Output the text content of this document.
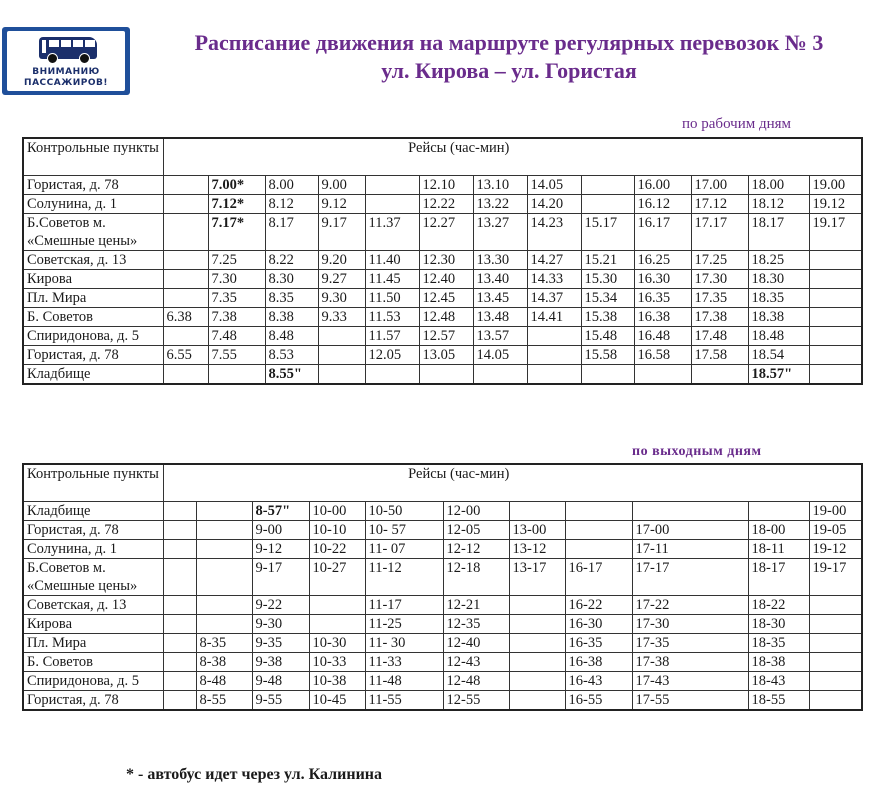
ВНИМАНИЮ
ПАССАЖИРОВ!
Расписание движения на маршруте регулярных перевозок № 3
ул. Кирова – ул. Гористая
по рабочим дням
Контрольные пункты	Рейсы (час-мин)												
Гористая, д. 78		7.00*	8.00	9.00		12.10	13.10	14.05		16.00	17.00	18.00	19.00
Солунина, д. 1		7.12*	8.12	9.12		12.22	13.22	14.20		16.12	17.12	18.12	19.12
Б.Советов м. «Смешные цены»		7.17*	8.17	9.17	11.37	12.27	13.27	14.23	15.17	16.17	17.17	18.17	19.17
Советская, д. 13		7.25	8.22	9.20	11.40	12.30	13.30	14.27	15.21	16.25	17.25	18.25	
Кирова		7.30	8.30	9.27	11.45	12.40	13.40	14.33	15.30	16.30	17.30	18.30	
Пл. Мира		7.35	8.35	9.30	11.50	12.45	13.45	14.37	15.34	16.35	17.35	18.35	
Б. Советов	6.38	7.38	8.38	9.33	11.53	12.48	13.48	14.41	15.38	16.38	17.38	18.38	
Спиридонова, д. 5		7.48	8.48		11.57	12.57	13.57		15.48	16.48	17.48	18.48	
Гористая, д. 78	6.55	7.55	8.53		12.05	13.05	14.05		15.58	16.58	17.58	18.54	
Кладбище			8.55"									18.57"	
по выходным дням
Контрольные пункты	Рейсы (час-мин)										
Кладбище			8-57"	10-00	10-50	12-00					19-00
Гористая, д. 78			9-00	10-10	10- 57	12-05	13-00		17-00	18-00	19-05
Солунина, д. 1			9-12	10-22	11- 07	12-12	13-12		17-11	18-11	19-12
Б.Советов м. «Смешные цены»			9-17	10-27	11-12	12-18	13-17	16-17	17-17	18-17	19-17
Советская, д. 13			9-22		11-17	12-21		16-22	17-22	18-22	
Кирова			9-30		11-25	12-35		16-30	17-30	18-30	
Пл. Мира		8-35	9-35	10-30	11- 30	12-40		16-35	17-35	18-35	
Б. Советов		8-38	9-38	10-33	11-33	12-43		16-38	17-38	18-38	
Спиридонова, д. 5		8-48	9-48	10-38	11-48	12-48		16-43	17-43	18-43	
Гористая, д. 78		8-55	9-55	10-45	11-55	12-55		16-55	17-55	18-55	
* - автобус идет через ул. Калинина
